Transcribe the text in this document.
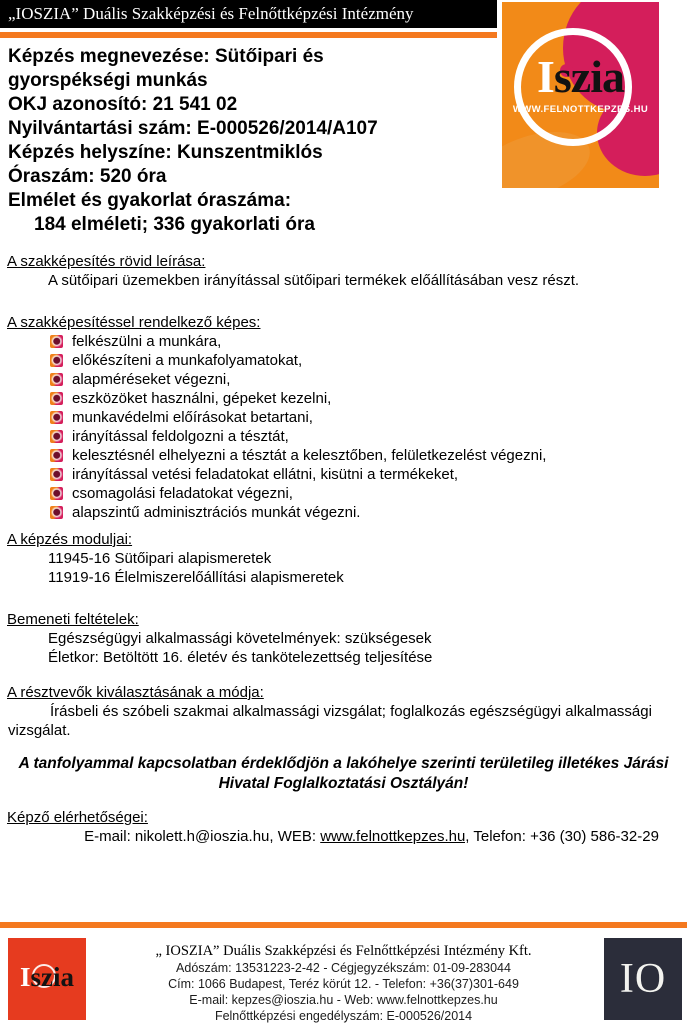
„IOSZIA” Duális Szakképzési és Felnőttképzési Intézmény
Iszia
WWW.FELNOTTKEPZES.HU
Képzés megnevezése: Sütőipari és
gyorspékségi munkás
OKJ azonosító: 21 541 02
Nyilvántartási szám: E-000526/2014/A107
Képzés helyszíne: Kunszentmiklós
Óraszám: 520 óra
Elmélet és gyakorlat óraszáma:
184 elméleti; 336 gyakorlati óra
A szakképesítés rövid leírása:
A sütőipari üzemekben irányítással sütőipari termékek előállításában vesz részt.
A szakképesítéssel rendelkező képes:
felkészülni a munkára,
előkészíteni a munkafolyamatokat,
alapméréseket végezni,
eszközöket használni, gépeket kezelni,
munkavédelmi előírásokat betartani,
irányítással feldolgozni a tésztát,
kelesztésnél elhelyezni a tésztát a kelesztőben, felületkezelést végezni,
irányítással vetési feladatokat ellátni, kisütni a termékeket,
csomagolási feladatokat végezni,
alapszintű adminisztrációs munkát végezni.
A képzés moduljai:
11945-16 Sütőipari alapismeretek
11919-16 Élelmiszerelőállítási alapismeretek
Bemeneti feltételek:
Egészségügyi alkalmassági követelmények: szükségesek
Életkor: Betöltött 16. életév és tankötelezettség teljesítése
A résztvevők kiválasztásának a módja:
Írásbeli és szóbeli szakmai alkalmassági vizsgálat; foglalkozás egészségügyi alkalmassági vizsgálat.
A tanfolyammal kapcsolatban érdeklődjön a lakóhelye szerinti területileg illetékes Járási Hivatal Foglalkoztatási Osztályán!
Képző elérhetőségei:
E-mail: nikolett.h@ioszia.hu, WEB: www.felnottkepzes.hu, Telefon: +36 (30) 586-32-29
Iszia
„ IOSZIA” Duális Szakképzési és Felnőttképzési Intézmény Kft.
Adószám: 13531223-2-42 - Cégjegyzékszám: 01-09-283044
Cím: 1066 Budapest, Teréz körút 12. - Telefon: +36(37)301-649
E-mail: kepzes@ioszia.hu - Web: www.felnottkepzes.hu
Felnőttképzési engedélyszám: E-000526/2014
IO
